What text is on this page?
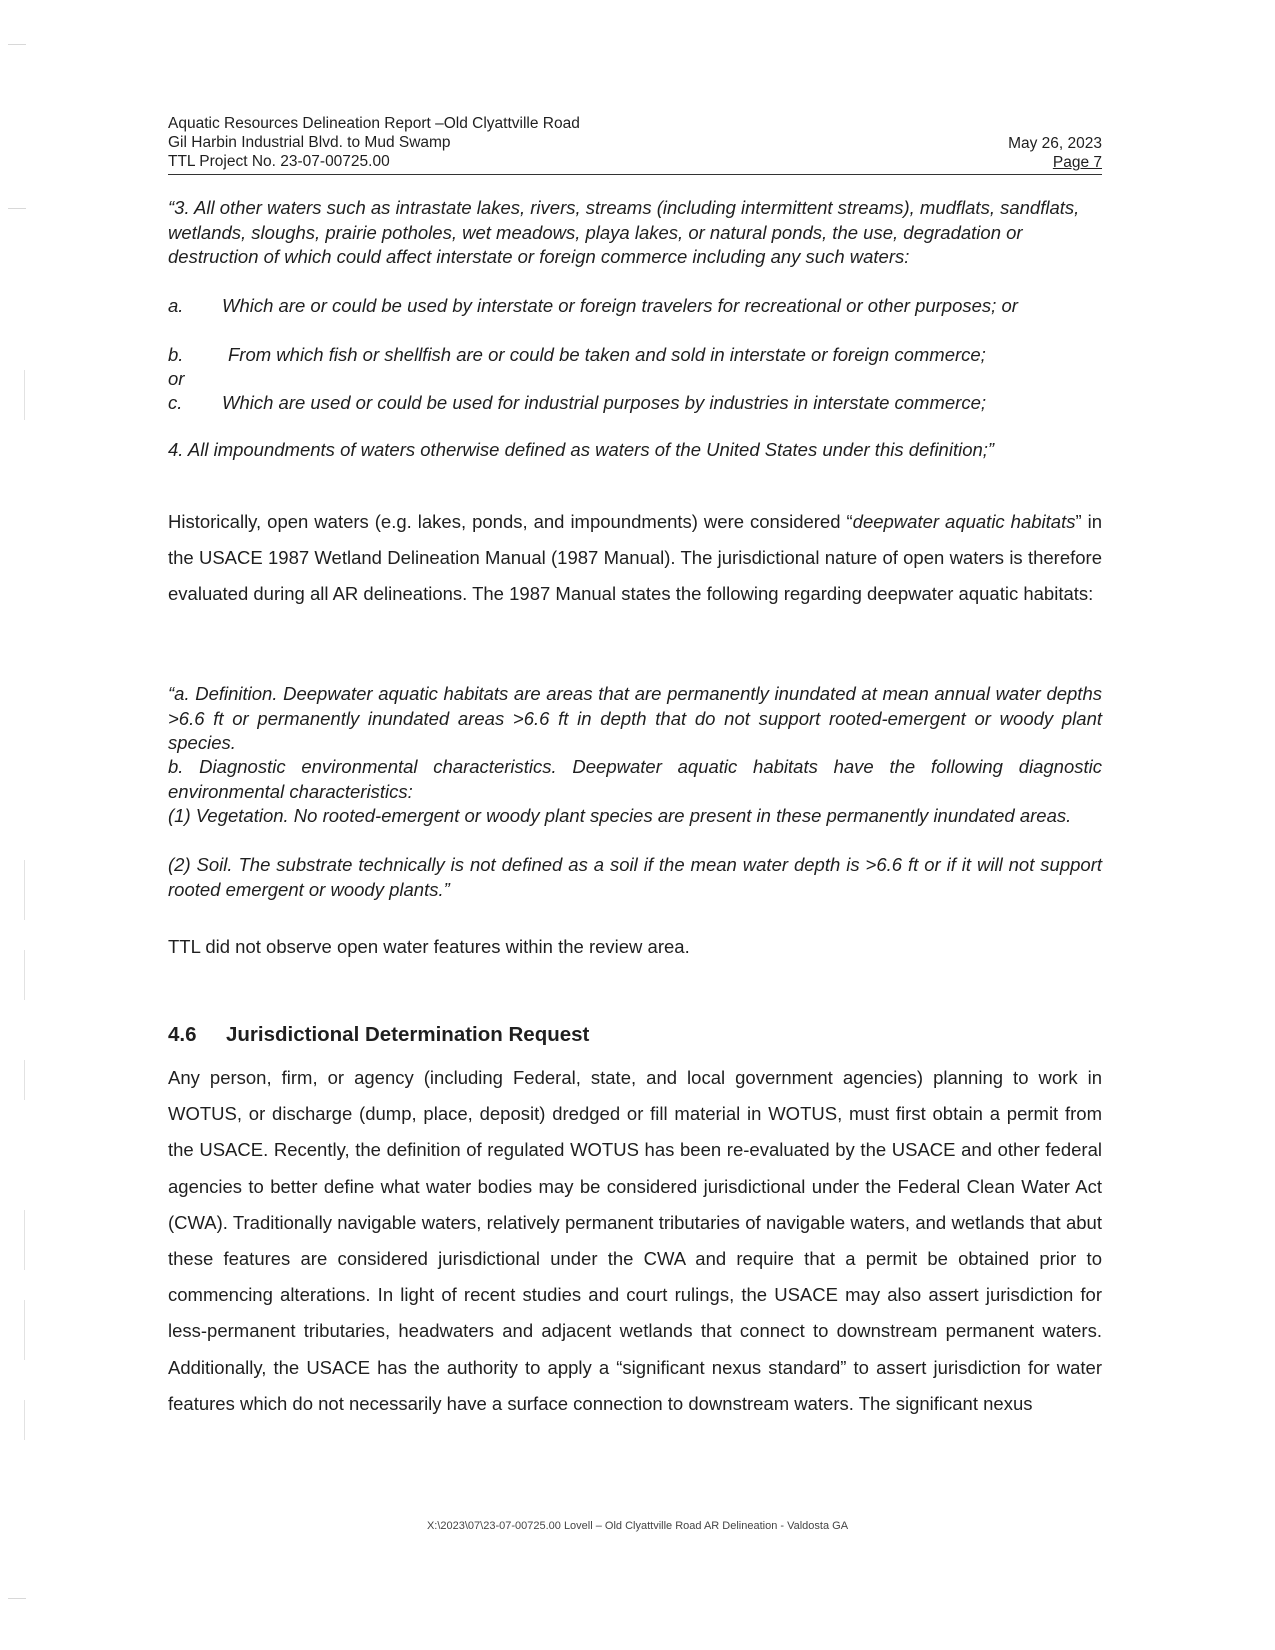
Aquatic Resources Delineation Report –Old Clyattville Road
Gil Harbin Industrial Blvd. to Mud Swamp
TTL Project No. 23-07-00725.00
May 26, 2023
Page 7
“3. All other waters such as intrastate lakes, rivers, streams (including intermittent streams), mudflats, sandflats, wetlands, sloughs, prairie potholes, wet meadows, playa lakes, or natural ponds, the use, degradation or destruction of which could affect interstate or foreign commerce including any such waters:
a. Which are or could be used by interstate or foreign travelers for recreational or other purposes; or
b. From which fish or shellfish are or could be taken and sold in interstate or foreign commerce;
or
c. Which are used or could be used for industrial purposes by industries in interstate commerce;
4. All impoundments of waters otherwise defined as waters of the United States under this definition;”
Historically, open waters (e.g. lakes, ponds, and impoundments) were considered “deepwater aquatic habitats” in the USACE 1987 Wetland Delineation Manual (1987 Manual). The jurisdictional nature of open waters is therefore evaluated during all AR delineations. The 1987 Manual states the following regarding deepwater aquatic habitats:
“a. Definition. Deepwater aquatic habitats are areas that are permanently inundated at mean annual water depths >6.6 ft or permanently inundated areas >6.6 ft in depth that do not support rooted-emergent or woody plant species.
b. Diagnostic environmental characteristics. Deepwater aquatic habitats have the following diagnostic environmental characteristics:
(1) Vegetation. No rooted-emergent or woody plant species are present in these permanently inundated areas.
(2) Soil. The substrate technically is not defined as a soil if the mean water depth is >6.6 ft or if it will not support rooted emergent or woody plants.”
TTL did not observe open water features within the review area.
4.6 Jurisdictional Determination Request
Any person, firm, or agency (including Federal, state, and local government agencies) planning to work in WOTUS, or discharge (dump, place, deposit) dredged or fill material in WOTUS, must first obtain a permit from the USACE. Recently, the definition of regulated WOTUS has been re-evaluated by the USACE and other federal agencies to better define what water bodies may be considered jurisdictional under the Federal Clean Water Act (CWA). Traditionally navigable waters, relatively permanent tributaries of navigable waters, and wetlands that abut these features are considered jurisdictional under the CWA and require that a permit be obtained prior to commencing alterations. In light of recent studies and court rulings, the USACE may also assert jurisdiction for less-permanent tributaries, headwaters and adjacent wetlands that connect to downstream permanent waters. Additionally, the USACE has the authority to apply a “significant nexus standard” to assert jurisdiction for water features which do not necessarily have a surface connection to downstream waters. The significant nexus
X:\2023\07\23-07-00725.00 Lovell – Old Clyattville Road AR Delineation - Valdosta GA
